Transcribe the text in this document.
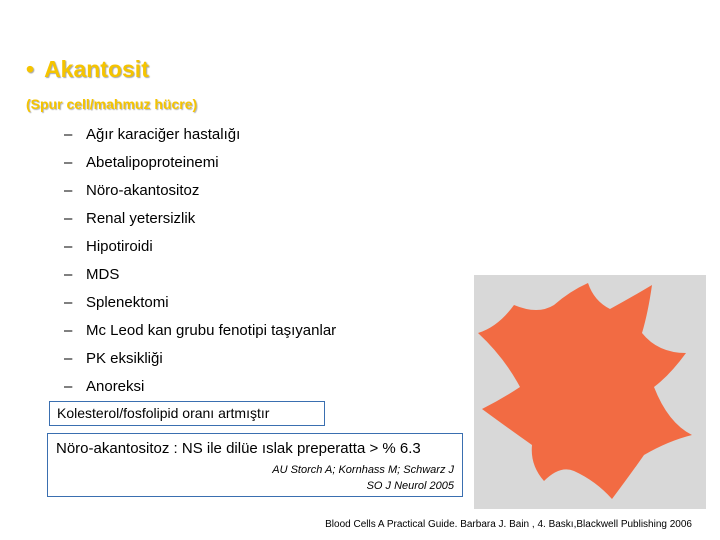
• Akantosit
(Spur cell/mahmuz hücre)
– Ağır karaciğer hastalığı
– Abetalipoproteinemi
– Nöro-akantositoz
– Renal yetersizlik
– Hipotiroidi
– MDS
– Splenektomi
– Mc Leod kan grubu fenotipi taşıyanlar
– PK eksikliği
– Anoreksi
Kolesterol/fosfolipid oranı artmıştır
Nöro-akantositoz : NS ile dilüe ıslak preperatta > % 6.3
AU Storch A; Kornhass M; Schwarz J
SO J Neurol 2005
Blood Cells A Practical Guide. Barbara J. Bain , 4. Baskı,Blackwell Publishing 2006
